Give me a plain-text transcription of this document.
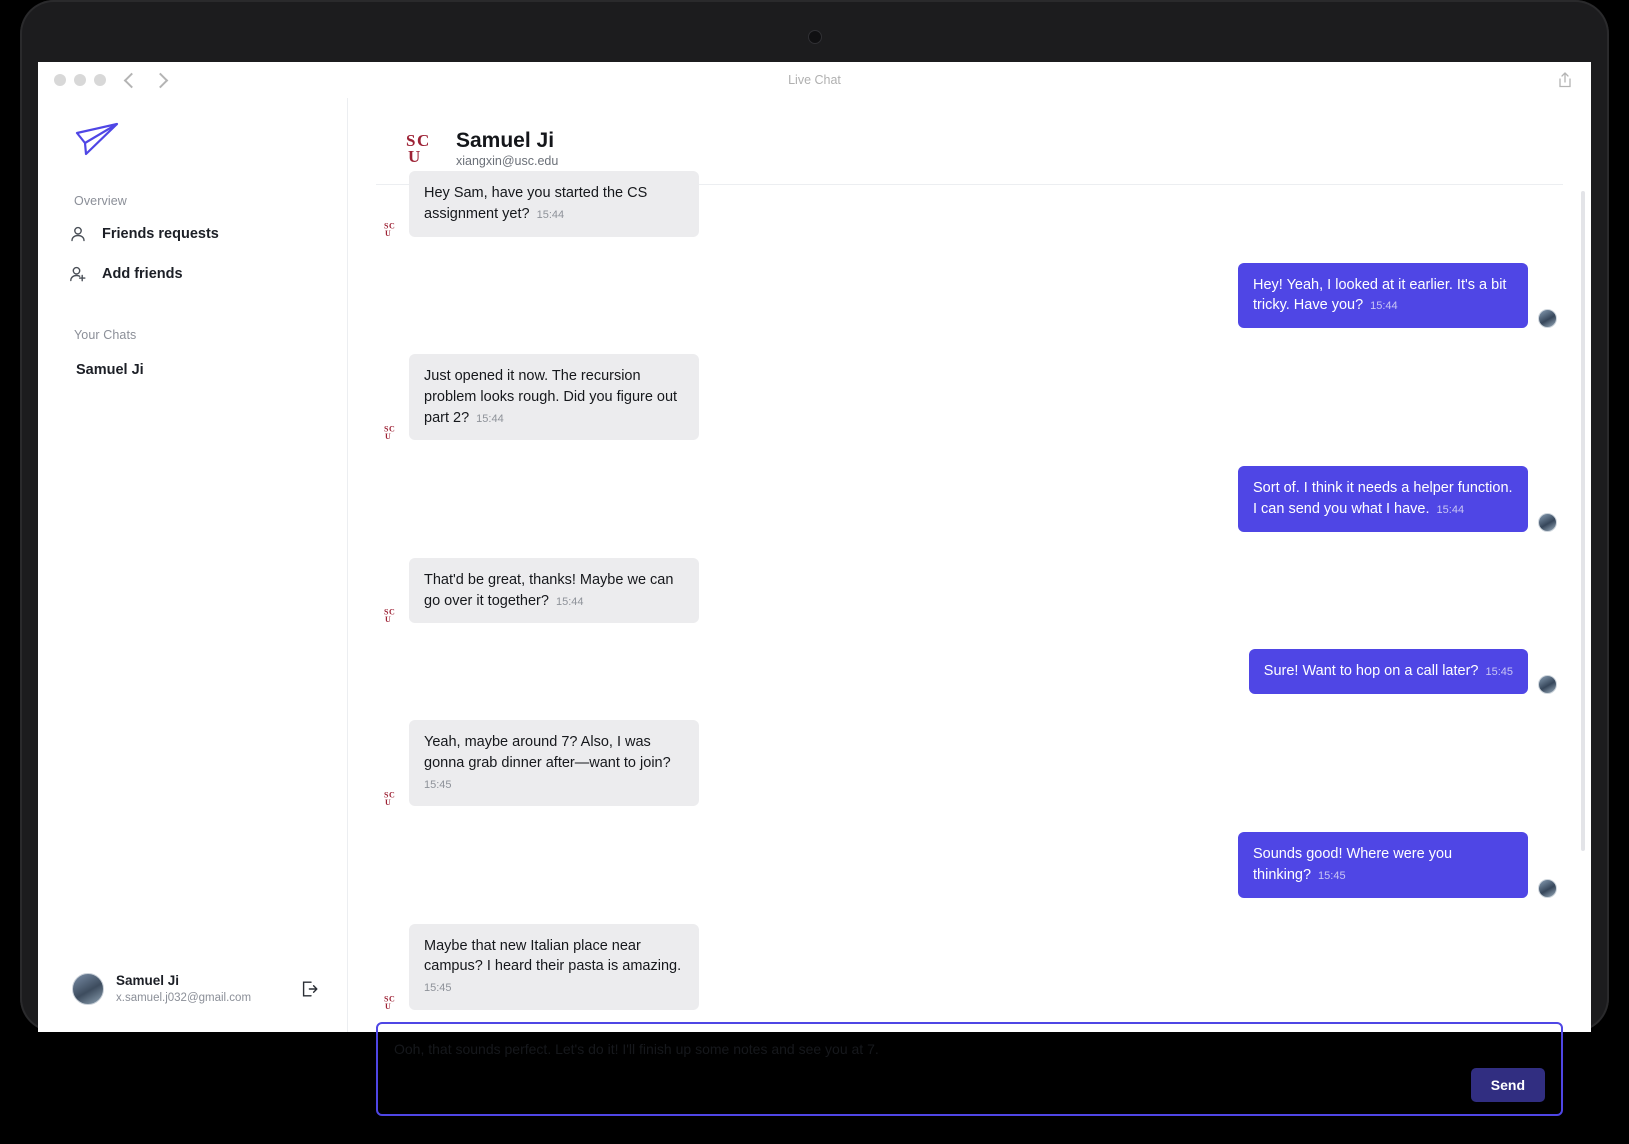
Live Chat
Overview
Friends requests
Add friends
Your Chats
Samuel Ji
Samuel Ji
x.samuel.j032@gmail.com
S C
U
Samuel Ji
xiangxin@usc.edu
S C
U
Hey Sam, have you started the CS assignment yet? 15:44
Hey! Yeah, I looked at it earlier. It's a bit tricky. Have you? 15:44
S C
U
Just opened it now. The recursion problem looks rough. Did you figure out part 2? 15:44
Sort of. I think it needs a helper function. I can send you what I have. 15:44
S C
U
That'd be great, thanks! Maybe we can go over it together? 15:44
Sure! Want to hop on a call later? 15:45
S C
U
Yeah, maybe around 7? Also, I was gonna grab dinner after—want to join?
15:45
Sounds good! Where were you thinking? 15:45
S C
U
Maybe that new Italian place near campus? I heard their pasta is amazing.
15:45
Ooh, that sounds perfect. Let's do it! I'll finish up some notes and see you at 7.
Send
